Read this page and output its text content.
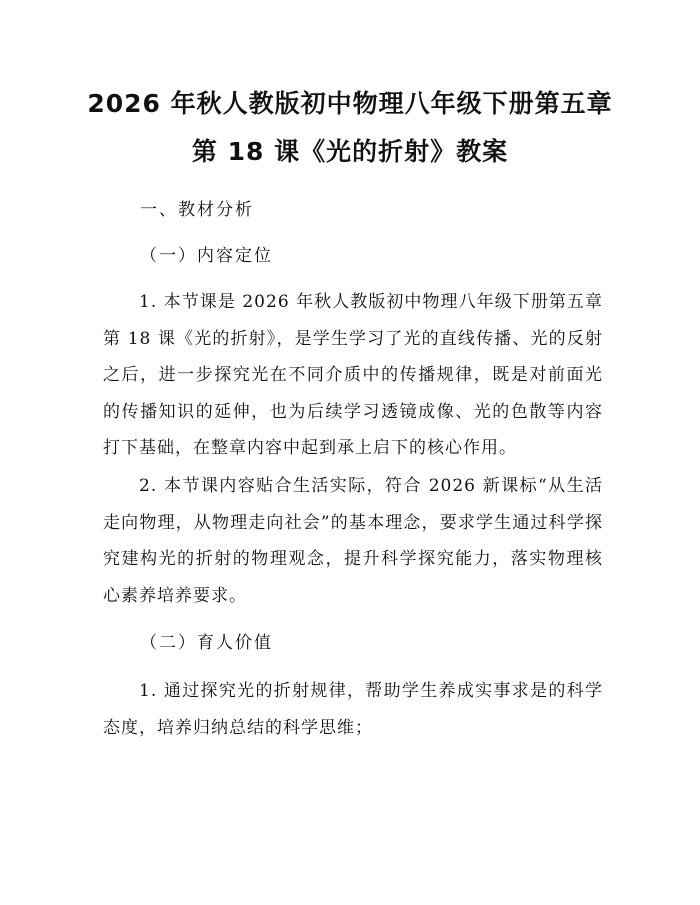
2026 年秋人教版初中物理八年级下册第五章
第 18 课《光的折射》教案
一、教材分析
（一）内容定位
1. 本节课是 2026 年秋人教版初中物理八年级下册第五章第 18 课《光的折射》，是学生学习了光的直线传播、光的反射之后，进一步探究光在不同介质中的传播规律，既是对前面光的传播知识的延伸，也为后续学习透镜成像、光的色散等内容打下基础，在整章内容中起到承上启下的核心作用。
2. 本节课内容贴合生活实际，符合 2026 新课标“从生活走向物理，从物理走向社会”的基本理念，要求学生通过科学探究建构光的折射的物理观念，提升科学探究能力，落实物理核心素养培养要求。
（二）育人价值
1. 通过探究光的折射规律，帮助学生养成实事求是的科学态度，培养归纳总结的科学思维；
